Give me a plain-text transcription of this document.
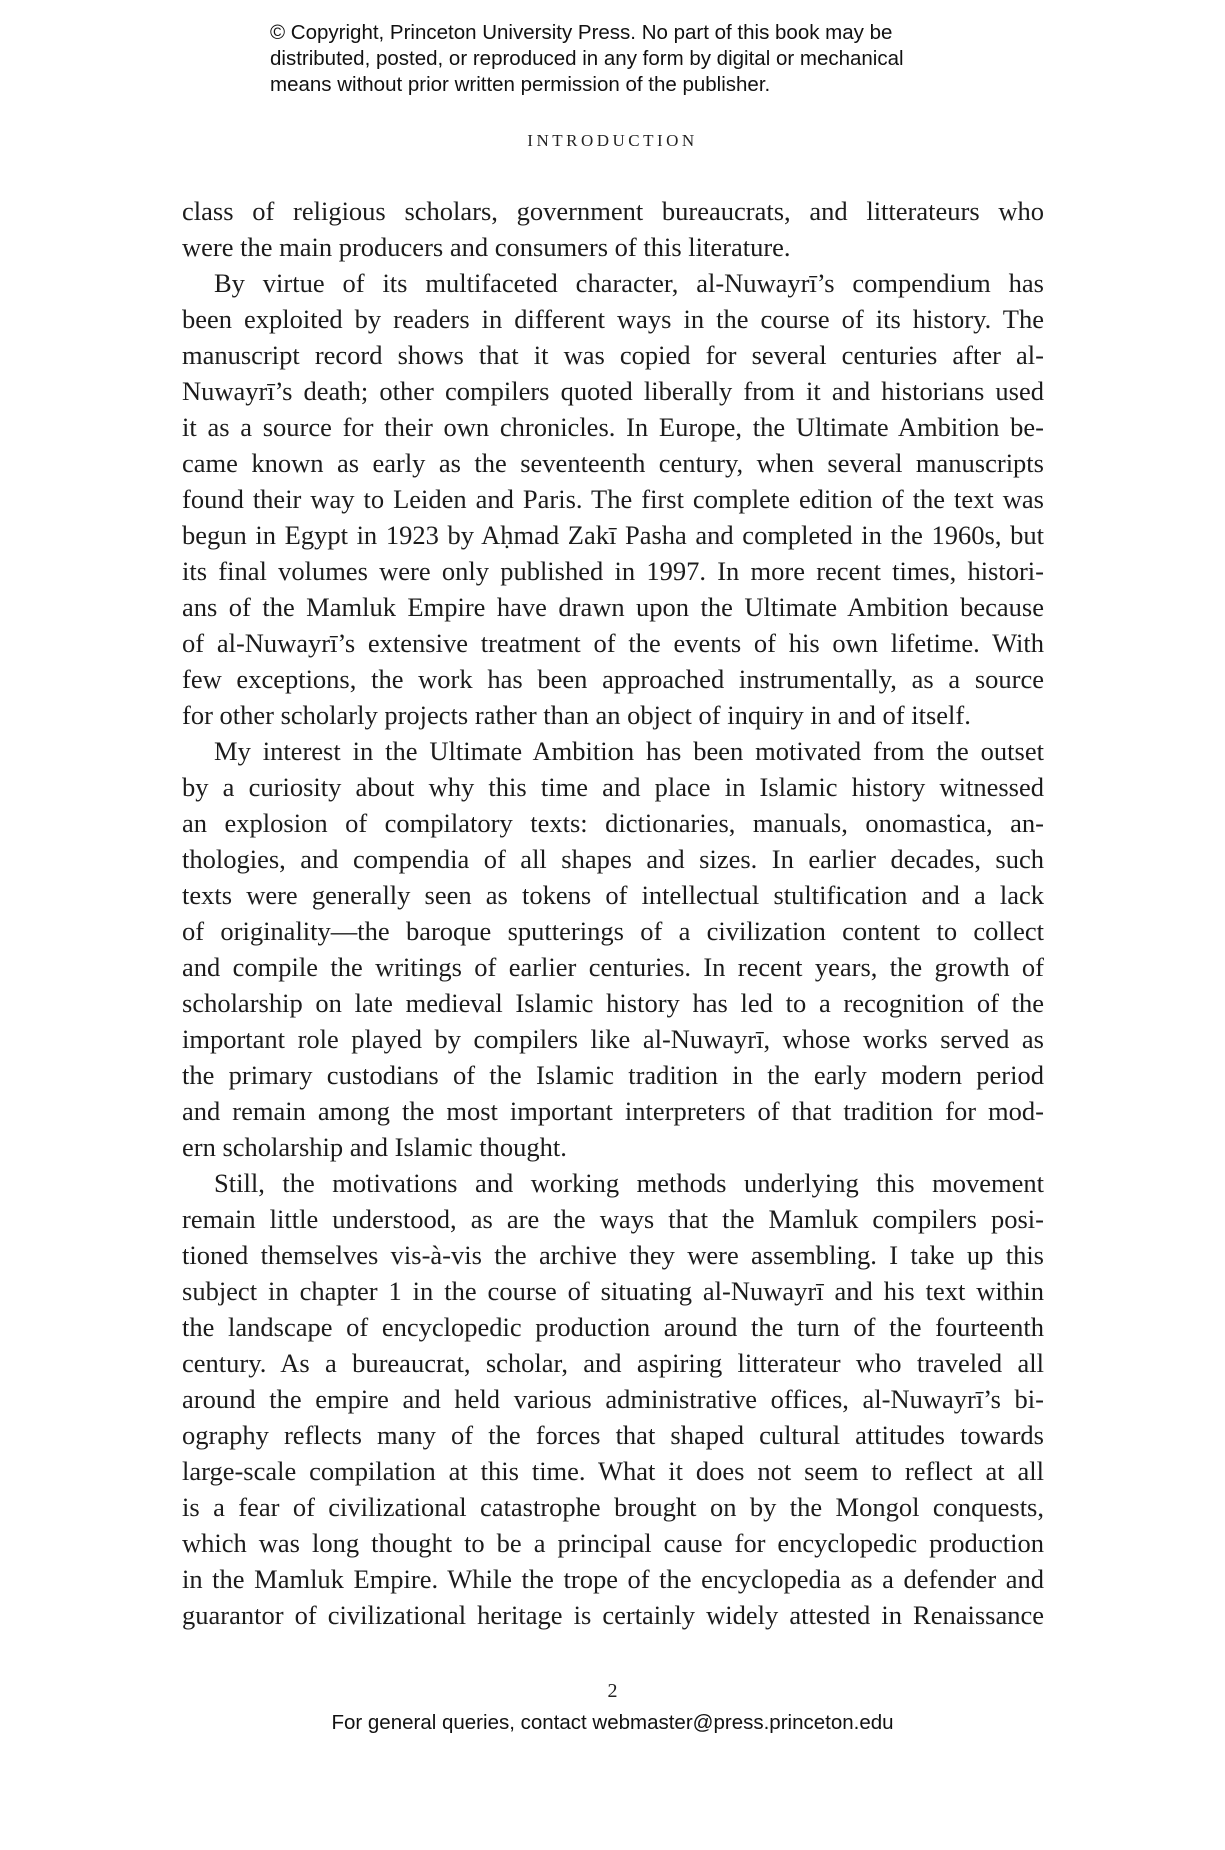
© Copyright, Princeton University Press. No part of this book may be
distributed, posted, or reproduced in any form by digital or mechanical
means without prior written permission of the publisher.
INTRODUCTION
class of religious scholars, government bureaucrats, and litterateurs who
were the main producers and consumers of this literature.
By virtue of its multifaceted character, al-Nuwayrī’s compendium has
been exploited by readers in different ways in the course of its history. The
manuscript record shows that it was copied for several centuries after al-
Nuwayrī’s death; other compilers quoted liberally from it and historians used
it as a source for their own chronicles. In Europe, the Ultimate Ambition be-
came known as early as the seventeenth century, when several manuscripts
found their way to Leiden and Paris. The first complete edition of the text was
begun in Egypt in 1923 by Aḥmad Zakī Pasha and completed in the 1960s, but
its final volumes were only published in 1997. In more recent times, histori-
ans of the Mamluk Empire have drawn upon the Ultimate Ambition because
of al-Nuwayrī’s extensive treatment of the events of his own lifetime. With
few exceptions, the work has been approached instrumentally, as a source
for other scholarly projects rather than an object of inquiry in and of itself.
My interest in the Ultimate Ambition has been motivated from the outset
by a curiosity about why this time and place in Islamic history witnessed
an explosion of compilatory texts: dictionaries, manuals, onomastica, an-
thologies, and compendia of all shapes and sizes. In earlier decades, such
texts were generally seen as tokens of intellectual stultification and a lack
of originality—the baroque sputterings of a civilization content to collect
and compile the writings of earlier centuries. In recent years, the growth of
scholarship on late medieval Islamic history has led to a recognition of the
important role played by compilers like al-Nuwayrī, whose works served as
the primary custodians of the Islamic tradition in the early modern period
and remain among the most important interpreters of that tradition for mod-
ern scholarship and Islamic thought.
Still, the motivations and working methods underlying this movement
remain little understood, as are the ways that the Mamluk compilers posi-
tioned themselves vis-à-vis the archive they were assembling. I take up this
subject in chapter 1 in the course of situating al-Nuwayrī and his text within
the landscape of encyclopedic production around the turn of the fourteenth
century. As a bureaucrat, scholar, and aspiring litterateur who traveled all
around the empire and held various administrative offices, al-Nuwayrī’s bi-
ography reflects many of the forces that shaped cultural attitudes towards
large-scale compilation at this time. What it does not seem to reflect at all
is a fear of civilizational catastrophe brought on by the Mongol conquests,
which was long thought to be a principal cause for encyclopedic production
in the Mamluk Empire. While the trope of the encyclopedia as a defender and
guarantor of civilizational heritage is certainly widely attested in Renaissance
2
For general queries, contact webmaster@press.princeton.edu
